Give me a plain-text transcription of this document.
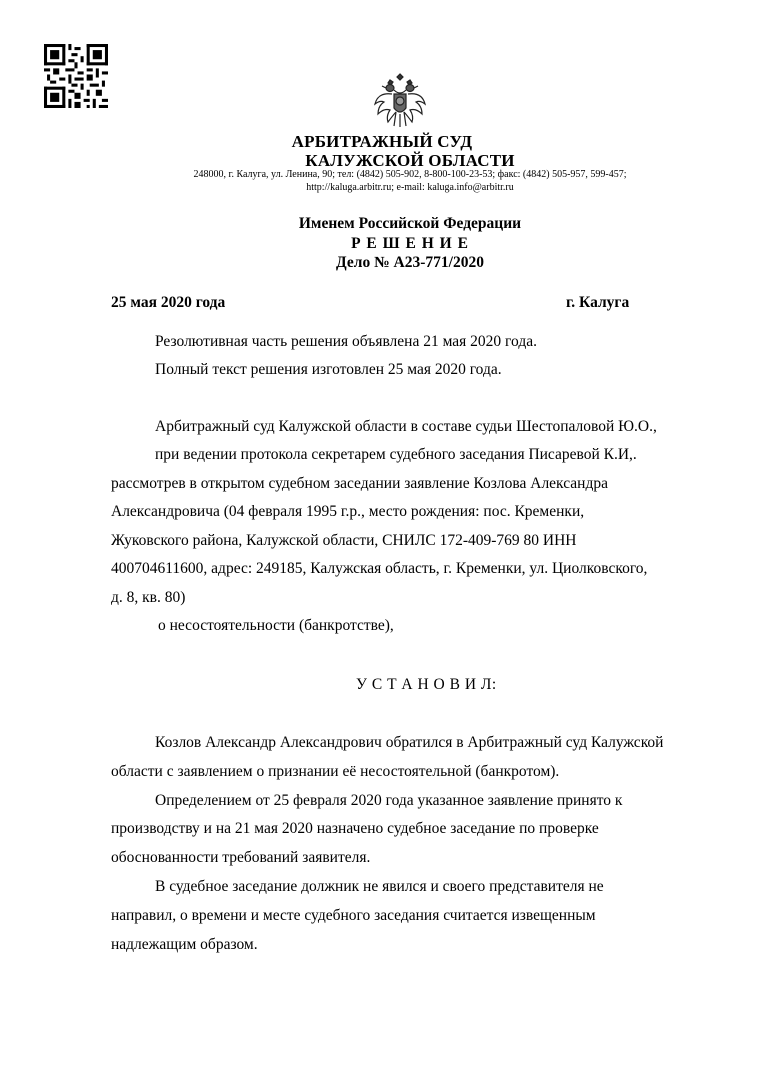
АРБИТРАЖНЫЙ СУД
КАЛУЖСКОЙ ОБЛАСТИ
248000, г. Калуга, ул. Ленина, 90; тел: (4842) 505-902, 8-800-100-23-53; факс: (4842) 505-957, 599-457;
http://kaluga.arbitr.ru; e-mail: kaluga.info@arbitr.ru
Именем Российской Федерации
Р Е Ш Е Н И Е
Дело № А23-771/2020
25 мая 2020 года	г. Калуга
Резолютивная часть решения объявлена 21 мая 2020 года.
Полный текст решения изготовлен 25 мая 2020 года.
Арбитражный суд Калужской области в составе судьи Шестопаловой Ю.О.,
при ведении протокола секретарем судебного заседания Писаревой К.И,.
рассмотрев в открытом судебном заседании заявление Козлова Александра
Александровича (04 февраля 1995 г.р., место рождения: пос. Кременки,
Жуковского района, Калужской области, СНИЛС 172-409-769 80 ИНН
400704611600, адрес: 249185, Калужская область, г. Кременки, ул. Циолковского,
д. 8, кв. 80)
о несостоятельности (банкротстве),
У С Т А Н О В И Л:
Козлов Александр Александрович обратился в Арбитражный суд Калужской
области с заявлением о признании её несостоятельной (банкротом).
Определением от 25 февраля 2020 года указанное заявление принято к
производству и на 21 мая 2020 назначено судебное заседание по проверке
обоснованности требований заявителя.
В судебное заседание должник не явился и своего представителя не
направил, о времени и месте судебного заседания считается извещенным
надлежащим образом.
